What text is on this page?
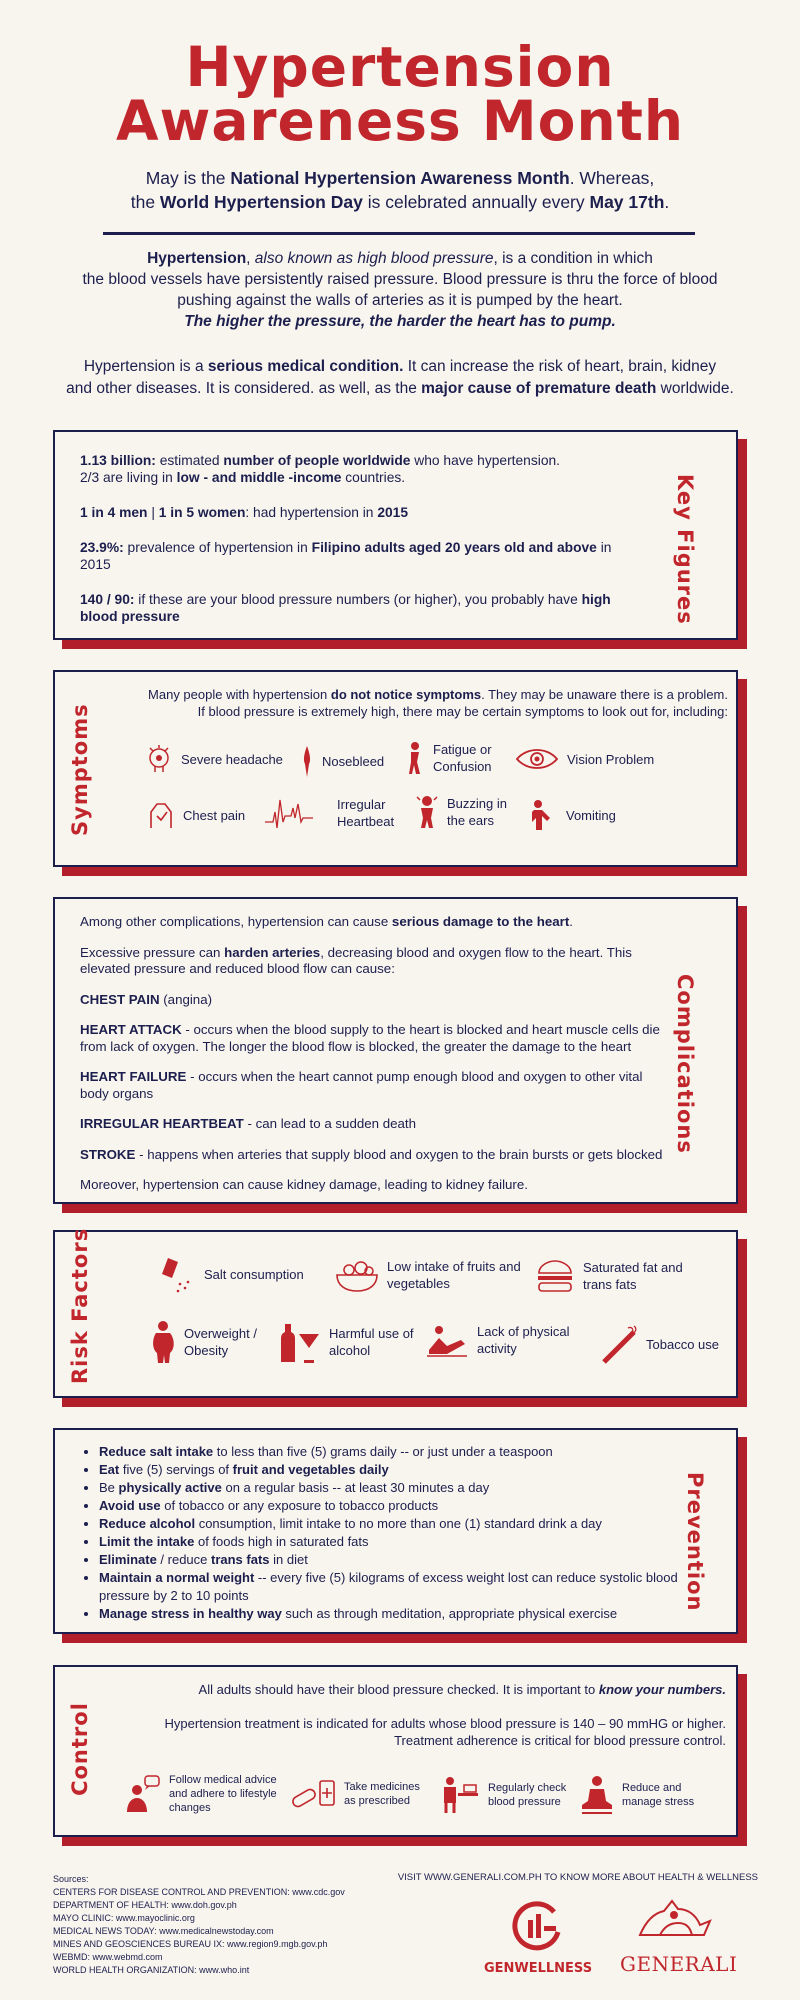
Hypertension
Awareness Month
May is the National Hypertension Awareness Month. Whereas,
the World Hypertension Day is celebrated annually every May 17th.
Hypertension, also known as high blood pressure, is a condition in which
the blood vessels have persistently raised pressure. Blood pressure is thru the force of blood
pushing against the walls of arteries as it is pumped by the heart.
The higher the pressure, the harder the heart has to pump.
Hypertension is a serious medical condition. It can increase the risk of heart, brain, kidney
and other diseases. It is considered. as well, as the major cause of premature death worldwide.

1.13 billion: estimated number of people worldwide who have hypertension.
2/3 are living in low - and middle -income countries.

1 in 4 men | 1 in 5 women: had hypertension in 2015

23.9%: prevalence of hypertension in Filipino adults aged 20 years old and above in 2015

140 / 90: if these are your blood pressure numbers (or higher), you probably have high blood pressure	Key Figures
Symptoms
Many people with hypertension do not notice symptoms. They may be unaware there is a problem.
If blood pressure is extremely high, there may be certain symptoms to look out for, including:
Severe headache	Nosebleed
Fatigue or Confusion	Vision Problem
Chest pain
Irregular Heartbeat
Buzzing in the ears	Vomiting

Among other complications, hypertension can cause serious damage to the heart.

Excessive pressure can harden arteries, decreasing blood and oxygen flow to the heart. This elevated pressure and reduced blood flow can cause:

CHEST PAIN (angina)

HEART ATTACK - occurs when the blood supply to the heart is blocked and heart muscle cells die from lack of oxygen. The longer the blood flow is blocked, the greater the damage to the heart

HEART FAILURE - occurs when the heart cannot pump enough blood and oxygen to other vital body organs

IRREGULAR HEARTBEAT - can lead to a sudden death

STROKE - happens when arteries that supply blood and oxygen to the brain bursts or gets blocked

Moreover, hypertension can cause kidney damage, leading to kidney failure.

Complications
Risk Factors	Salt consumption	Low intake of fruits and vegetables
Saturated fat and trans fats
Overweight / Obesity
Harmful use of alcohol
Lack of physical activity	Tobacco use
• Reduce salt intake to less than five (5) grams daily -- or just under a teaspoon
• Eat five (5) servings of fruit and vegetables daily
• Be physically active on a regular basis -- at least 30 minutes a day
• Avoid use of tobacco or any exposure to tobacco products
• Reduce alcohol consumption, limit intake to no more than one (1) standard drink a day
• Limit the intake of foods high in saturated fats
• Eliminate / reduce trans fats in diet
• Maintain a normal weight -- every five (5) kilograms of excess weight lost can reduce systolic blood pressure by 2 to 10 points
• Manage stress in healthy way such as through meditation, appropriate physical exercise
Prevention
Control
All adults should have their blood pressure checked. It is important to know your numbers.
Hypertension treatment is indicated for adults whose blood pressure is 140 – 90 mmHG or higher.
Treatment adherence is critical for blood pressure control.
Follow medical advice and adhere to lifestyle changes
Take medicines as prescribed
Regularly check blood pressure
Reduce and manage stress
Sources:
CENTERS FOR DISEASE CONTROL AND PREVENTION: www.cdc.gov
DEPARTMENT OF HEALTH: www.doh.gov.ph
MAYO CLINIC: www.mayoclinic.org
MEDICAL NEWS TODAY: www.medicalnewstoday.com
MINES AND GEOSCIENCES BUREAU IX: www.region9.mgb.gov.ph
WEBMD: www.webmd.com
WORLD HEALTH ORGANIZATION: www.who.int
VISIT WWW.GENERALI.COM.PH TO KNOW MORE ABOUT HEALTH & WELLNESS
GENWELLNESS GENERALI
